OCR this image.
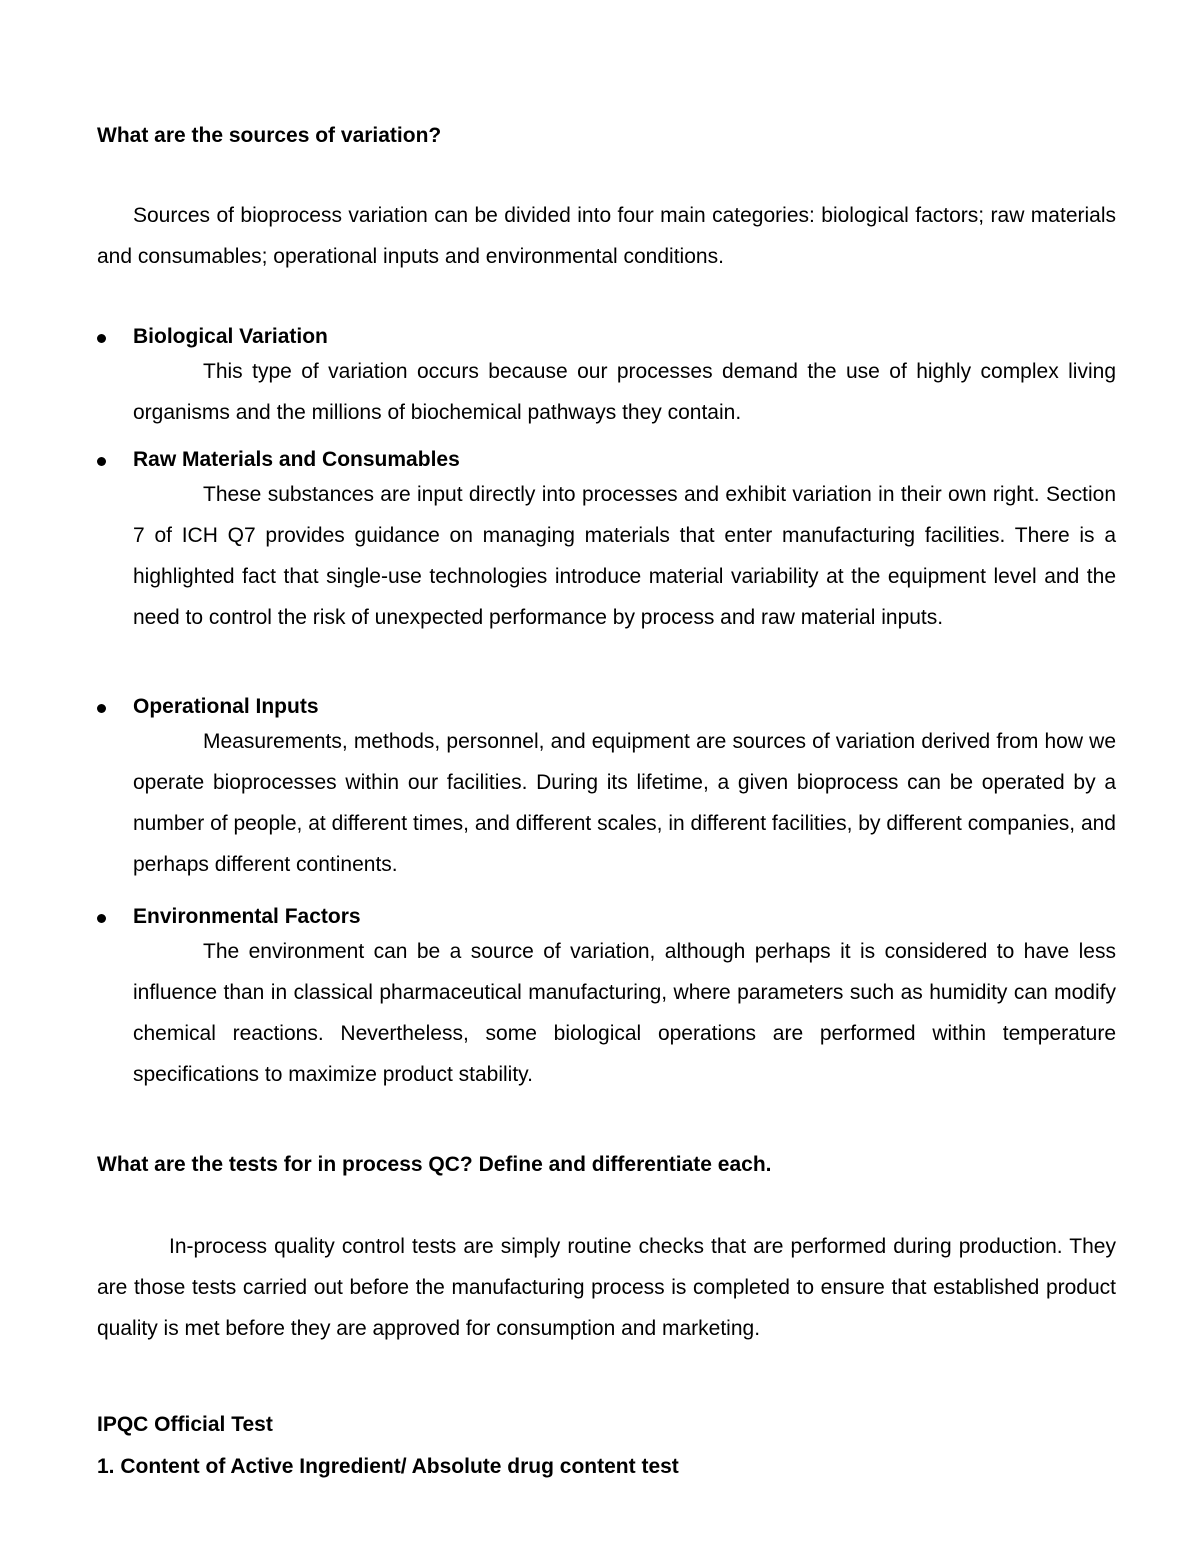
What are the sources of variation?
Sources of bioprocess variation can be divided into four main categories: biological factors; raw materials and consumables; operational inputs and environmental conditions.
Biological Variation
This type of variation occurs because our processes demand the use of highly complex living organisms and the millions of biochemical pathways they contain.
Raw Materials and Consumables
These substances are input directly into processes and exhibit variation in their own right. Section 7 of ICH Q7 provides guidance on managing materials that enter manufacturing facilities. There is a highlighted fact that single-use technologies introduce material variability at the equipment level and the need to control the risk of unexpected performance by process and raw material inputs.
Operational Inputs
Measurements, methods, personnel, and equipment are sources of variation derived from how we operate bioprocesses within our facilities. During its lifetime, a given bioprocess can be operated by a number of people, at different times, and different scales, in different facilities, by different companies, and perhaps different continents.
Environmental Factors
The environment can be a source of variation, although perhaps it is considered to have less influence than in classical pharmaceutical manufacturing, where parameters such as humidity can modify chemical reactions. Nevertheless, some biological operations are performed within temperature specifications to maximize product stability.
What are the tests for in process QC? Define and differentiate each.
In-process quality control tests are simply routine checks that are performed during production. They are those tests carried out before the manufacturing process is completed to ensure that established product quality is met before they are approved for consumption and marketing.
IPQC Official Test
1. Content of Active Ingredient/ Absolute drug content test
